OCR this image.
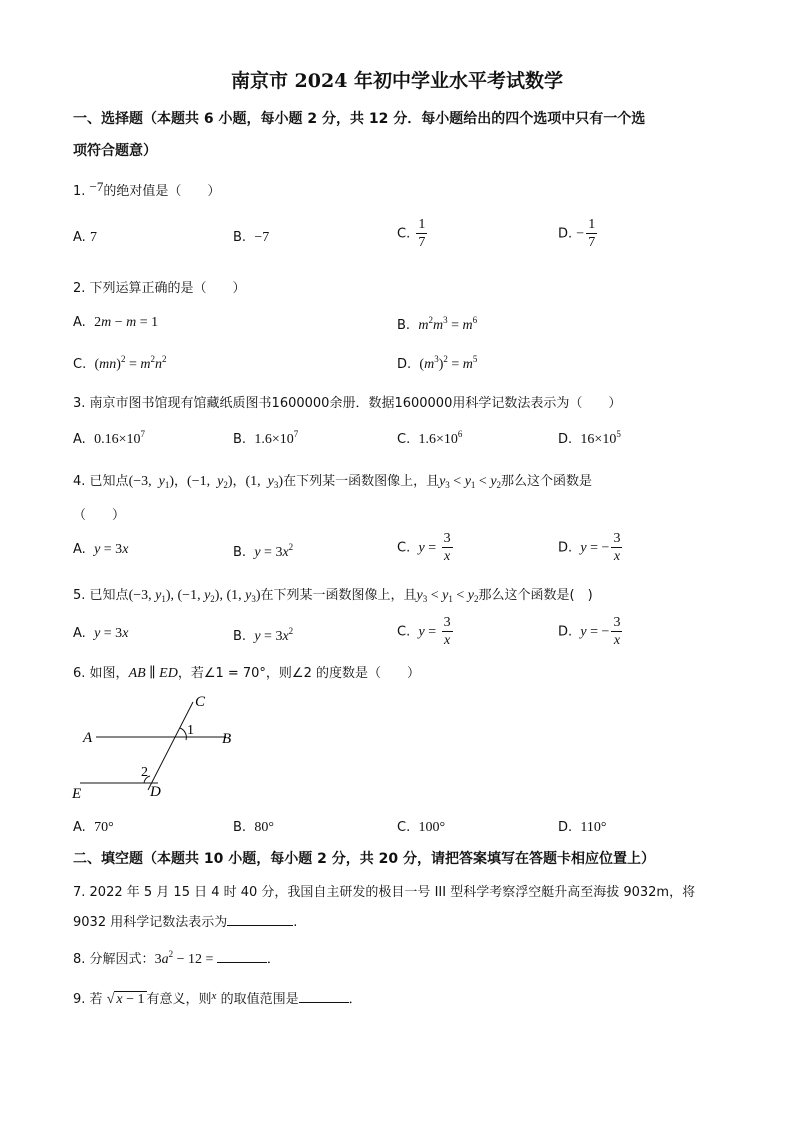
南京市 2024 年初中学业水平考试数学
一、选择题（本题共 6 小题，每小题 2 分，共 12 分．每小题给出的四个选项中只有一个选
项符合题意）
1. −7的绝对值是（　　）
A. 7	B. −7	C. $\frac{1}{7}$	D. − $\frac{1}{7}$
2. 下列运算正确的是（　　）
A. 2m − m = 1	B. $m^2m^3 = m^6$
C. $(mn)^2 = m^2n^2$	D. $(m^3)^2 = m^5$
3. 南京市图书馆现有馆藏纸质图书1600000余册．数据1600000用科学记数法表示为（　　）
A. $0.16\times 10^7$	B. $1.6\times 10^7$	C. $1.6\times 10^6$	D. $16\times 10^5$
4. 已知点(−3,  $y_1$)，(−1,  $y_2$)，(1,  $y_3$)在下列某一函数图像上，且$y_3 < y_1 < y_2$那么这个函数是
（　　）
A. y = 3x	B. $y = 3x^2$	C. $y = \frac{3}{x}$	D. y = − $\frac{3}{x}$
5. 已知点(−3, $y_1$), (−1, $y_2$), (1, $y_3$)在下列某一函数图像上，且$y_3 < y_1 < y_2$那么这个函数是(　)
A. y = 3x	B. $y = 3x^2$	C. $y = \frac{3}{x}$	D. y = − $\frac{3}{x}$
6. 如图，AB ∥ ED，若∠1 = 70°，则∠2 的度数是（　　）
C
A	B
E	D
1
2
A. 70°	B. 80°	C. 100°	D. 110°
二、填空题（本题共 10 小题，每小题 2 分，共 20 分，请把答案填写在答题卡相应位置上）
7. 2022 年 5 月 15 日 4 时 40 分，我国自主研发的极目一号 III 型科学考察浮空艇升高至海拔 9032m，将
9032 用科学记数法表示为	.
8. 分解因式：$3a^2 - 12$ =	．
9. 若 √ x − 1 有意义，则$^x$ 的取值范围是	．
